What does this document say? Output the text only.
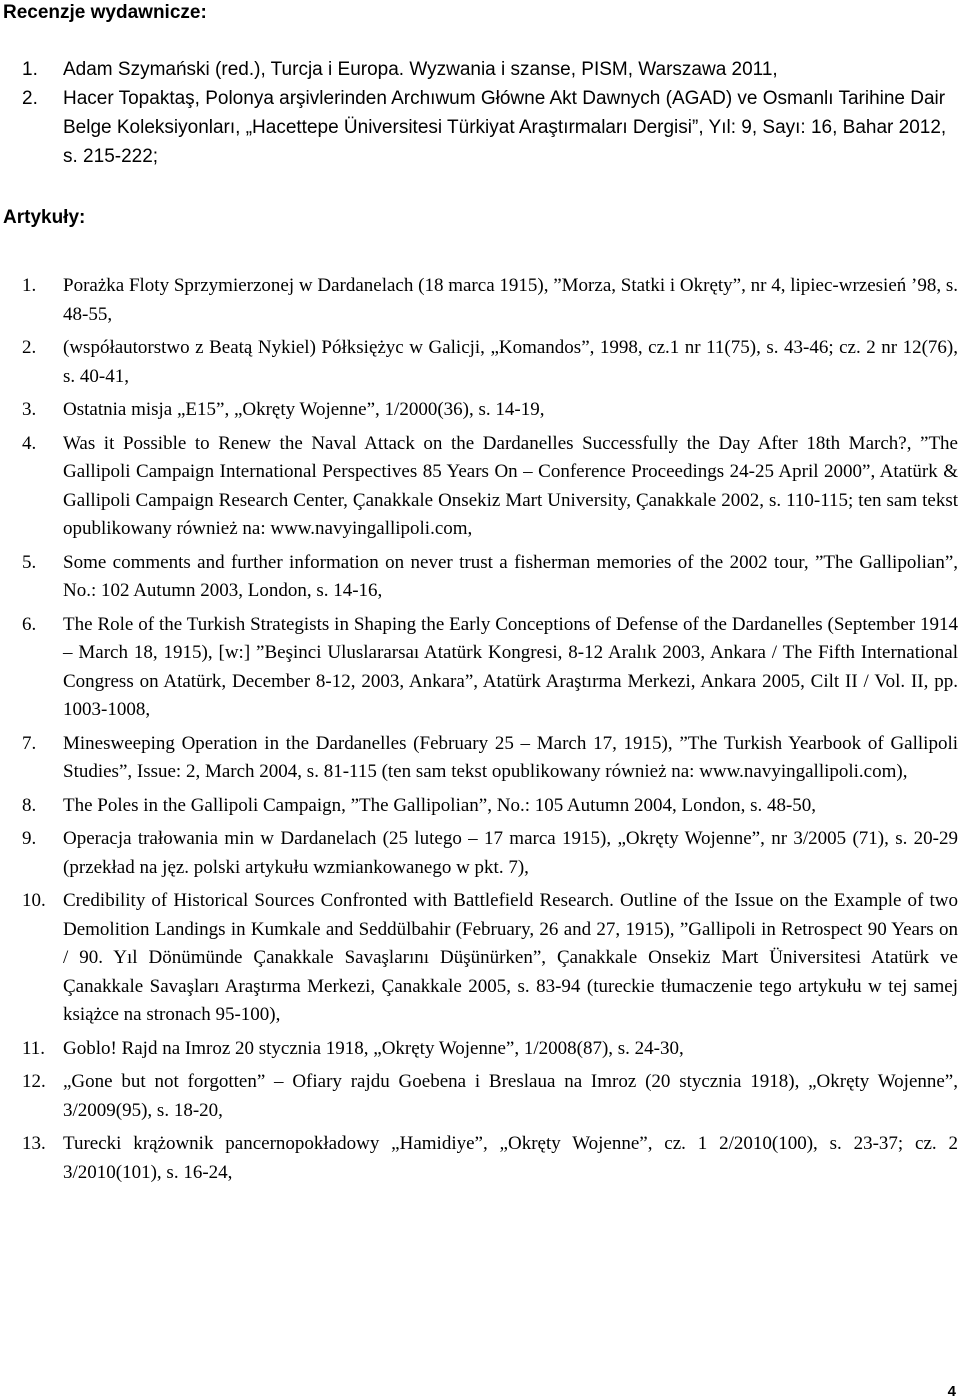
Recenzje wydawnicze:
1. Adam Szymański (red.), Turcja i Europa. Wyzwania i szanse, PISM, Warszawa 2011,
2. Hacer Topaktaş, Polonya arşivlerinden Archıwum Główne Akt Dawnych (AGAD) ve Osmanlı Tarihine Dair Belge Koleksiyonları, „Hacettepe Üniversitesi Türkiyat Araştırmaları Dergisi”, Yıl: 9, Sayı: 16, Bahar 2012, s. 215-222;
Artykuły:
1. Porażka Floty Sprzymierzonej w Dardanelach (18 marca 1915), ”Morza, Statki i Okręty”, nr 4, lipiec-wrzesień ’98, s. 48-55,
2. (współautorstwo z Beatą Nykiel) Półksiężyc w Galicji, „Komandos”, 1998, cz.1 nr 11(75), s. 43-46; cz. 2 nr 12(76), s. 40-41,
3. Ostatnia misja „E15”, „Okręty Wojenne”, 1/2000(36), s. 14-19,
4. Was it Possible to Renew the Naval Attack on the Dardanelles Successfully the Day After 18th March?, ”The Gallipoli Campaign International Perspectives 85 Years On – Conference Proceedings 24-25 April 2000”, Atatürk & Gallipoli Campaign Research Center, Çanakkale Onsekiz Mart University, Çanakkale 2002, s. 110-115; ten sam tekst opublikowany również na: www.navyingallipoli.com,
5. Some comments and further information on never trust a fisherman memories of the 2002 tour, ”The Gallipolian”, No.: 102 Autumn 2003, London, s. 14-16,
6. The Role of the Turkish Strategists in Shaping the Early Conceptions of Defense of the Dardanelles (September 1914 – March 18, 1915), [w:] ”Beşinci Uluslararsaı Atatürk Kongresi, 8-12 Aralık 2003, Ankara / The Fifth International Congress on Atatürk, December 8-12, 2003, Ankara”, Atatürk Araştırma Merkezi, Ankara 2005, Cilt II / Vol. II, pp. 1003-1008,
7. Minesweeping Operation in the Dardanelles (February 25 – March 17, 1915), ”The Turkish Yearbook of Gallipoli Studies”, Issue: 2, March 2004, s. 81-115 (ten sam tekst opublikowany również na: www.navyingallipoli.com),
8. The Poles in the Gallipoli Campaign, ”The Gallipolian”, No.: 105 Autumn 2004, London, s. 48-50,
9. Operacja trałowania min w Dardanelach (25 lutego – 17 marca 1915), „Okręty Wojenne”, nr 3/2005 (71), s. 20-29 (przekład na jęz. polski artykułu wzmiankowanego w pkt. 7),
10. Credibility of Historical Sources Confronted with Battlefield Research. Outline of the Issue on the Example of two Demolition Landings in Kumkale and Seddülbahir (February, 26 and 27, 1915), ”Gallipoli in Retrospect 90 Years on / 90. Yıl Dönümünde Çanakkale Savaşlarını Düşünürken”, Çanakkale Onsekiz Mart Üniversitesi Atatürk ve Çanakkale Savaşları Araştırma Merkezi, Çanakkale 2005, s. 83-94 (tureckie tłumaczenie tego artykułu w tej samej książce na stronach 95-100),
11. Goblo! Rajd na Imroz 20 stycznia 1918, „Okręty Wojenne”, 1/2008(87), s. 24-30,
12. „Gone but not forgotten” – Ofiary rajdu Goebena i Breslaua na Imroz (20 stycznia 1918), „Okręty Wojenne”, 3/2009(95), s. 18-20,
13. Turecki krążownik pancernopokładowy „Hamidiye”, „Okręty Wojenne”, cz. 1 2/2010(100), s. 23-37; cz. 2 3/2010(101), s. 16-24,
4
